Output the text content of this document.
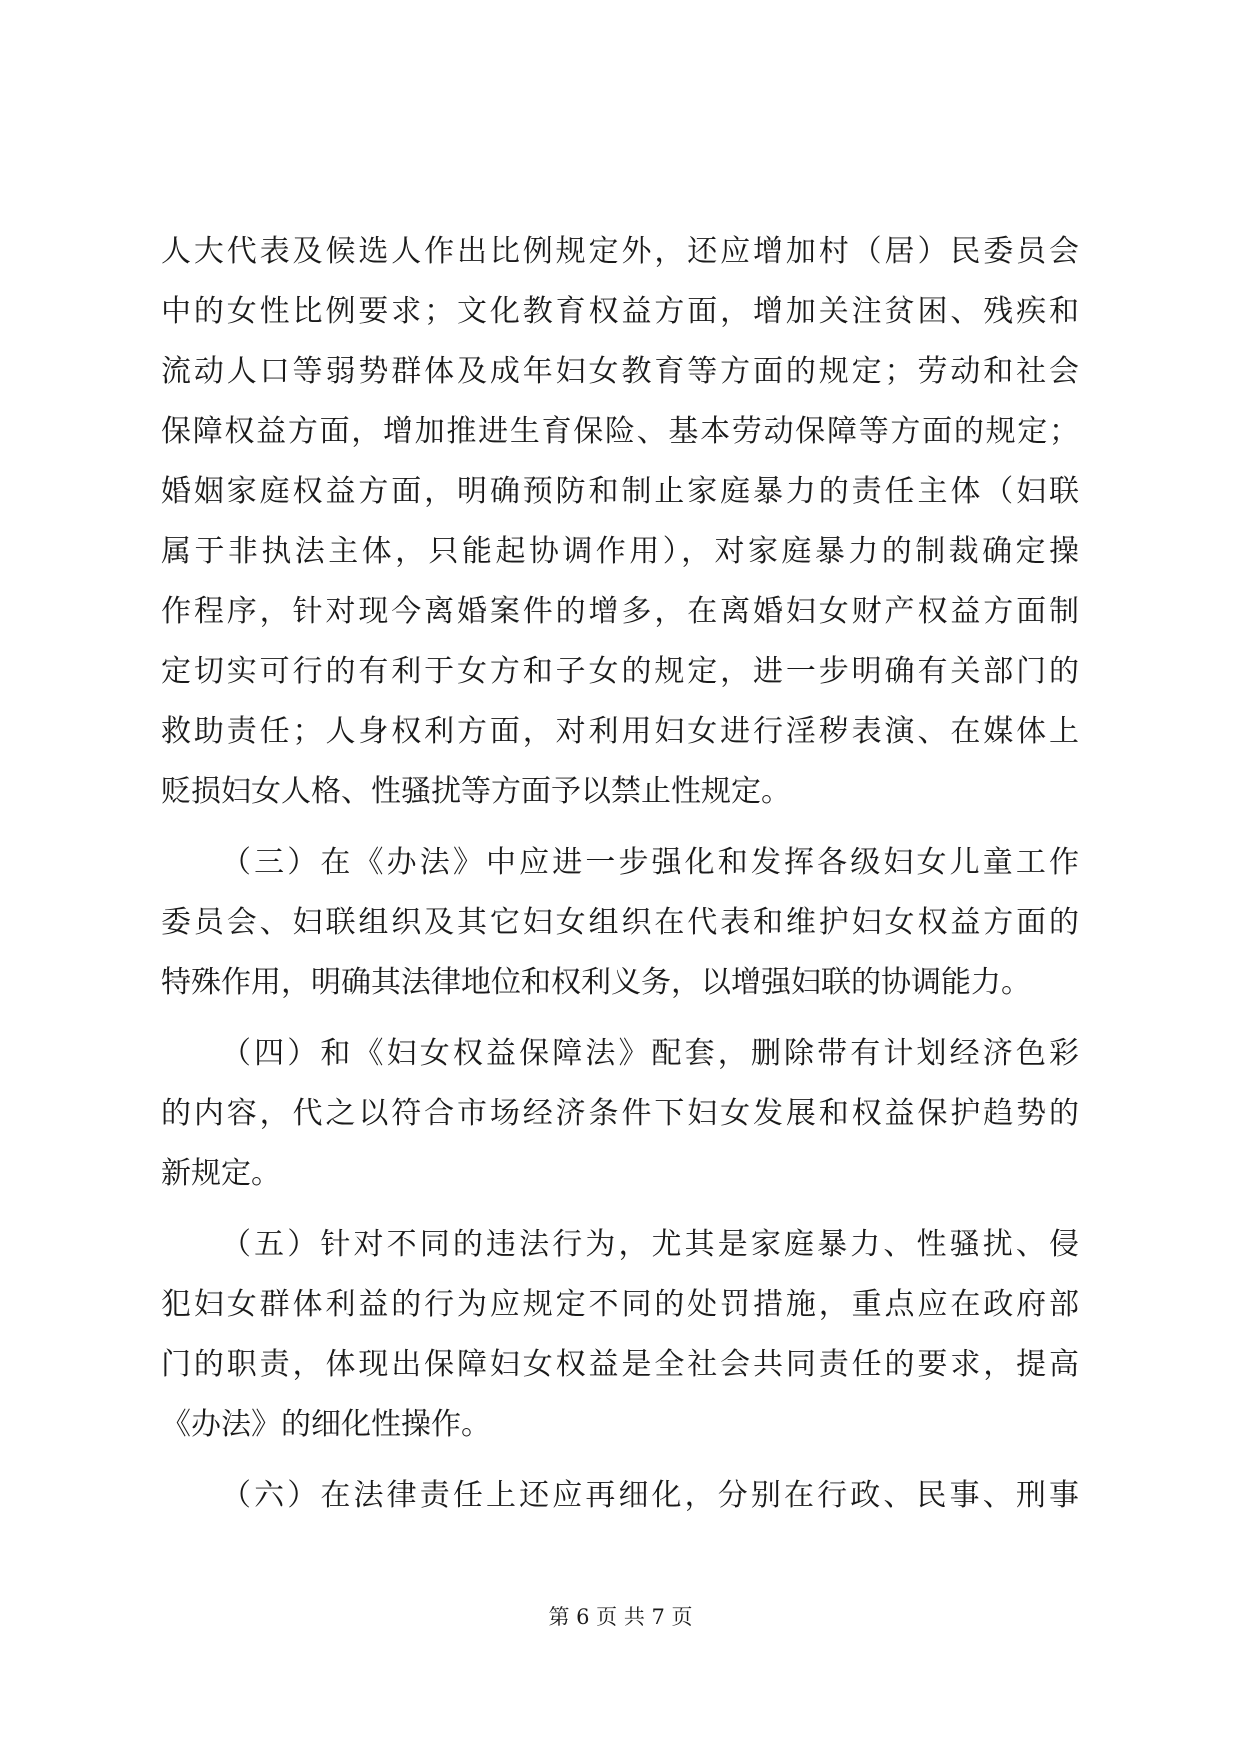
人大代表及候选人作出比例规定外，还应增加村（居）民委员会
中的女性比例要求；文化教育权益方面，增加关注贫困、残疾和
流动人口等弱势群体及成年妇女教育等方面的规定；劳动和社会
保障权益方面，增加推进生育保险、基本劳动保障等方面的规定；
婚姻家庭权益方面，明确预防和制止家庭暴力的责任主体（妇联
属于非执法主体，只能起协调作用），对家庭暴力的制裁确定操
作程序，针对现今离婚案件的增多，在离婚妇女财产权益方面制
定切实可行的有利于女方和子女的规定，进一步明确有关部门的
救助责任；人身权利方面，对利用妇女进行淫秽表演、在媒体上
贬损妇女人格、性骚扰等方面予以禁止性规定。
（三）在《办法》中应进一步强化和发挥各级妇女儿童工作
委员会、妇联组织及其它妇女组织在代表和维护妇女权益方面的
特殊作用，明确其法律地位和权利义务，以增强妇联的协调能力。
（四）和《妇女权益保障法》配套，删除带有计划经济色彩
的内容，代之以符合市场经济条件下妇女发展和权益保护趋势的
新规定。
（五）针对不同的违法行为，尤其是家庭暴力、性骚扰、侵
犯妇女群体利益的行为应规定不同的处罚措施，重点应在政府部
门的职责，体现出保障妇女权益是全社会共同责任的要求，提高
《办法》的细化性操作。
（六）在法律责任上还应再细化，分别在行政、民事、刑事
第 6 页 共 7 页
